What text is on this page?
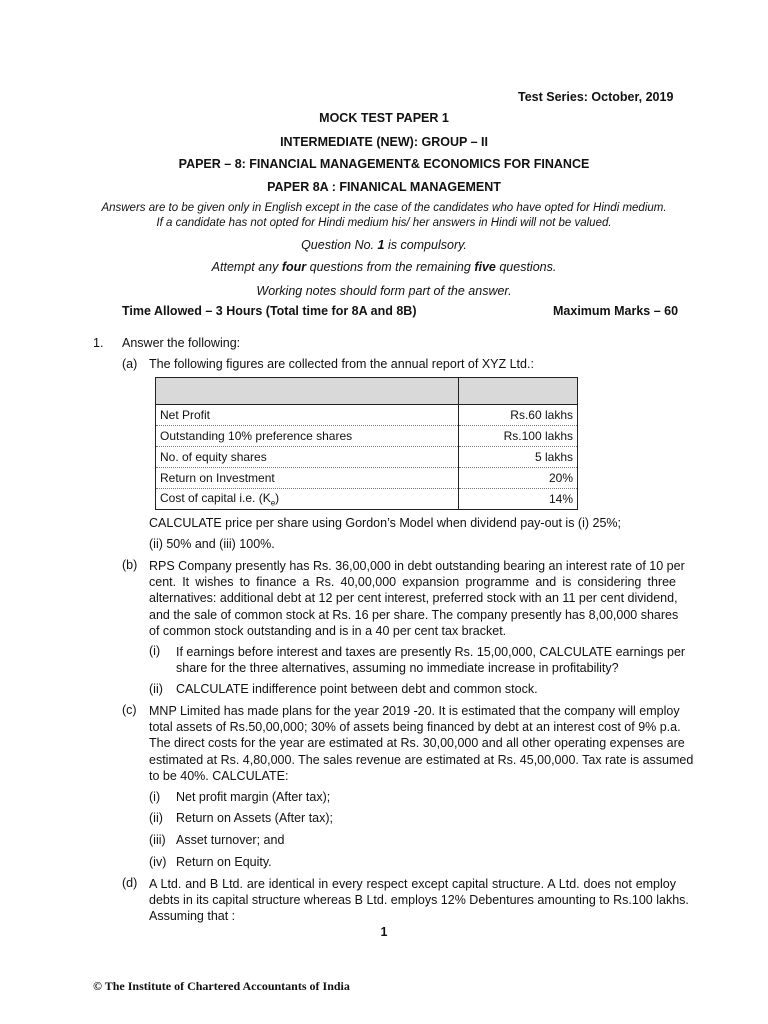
Test Series: October, 2019
MOCK TEST PAPER 1
INTERMEDIATE (NEW): GROUP – II
PAPER – 8: FINANCIAL MANAGEMENT& ECONOMICS FOR FINANCE
PAPER 8A : FINANICAL MANAGEMENT
Answers are to be given only in English except in the case of the candidates who have opted for Hindi medium.
If a candidate has not opted for Hindi medium his/ her answers in Hindi will not be valued.
Question No. 1 is compulsory.
Attempt any four questions from the remaining five questions.
Working notes should form part of the answer.
Time Allowed – 3 Hours (Total time for 8A and 8B)	Maximum Marks – 60
1. Answer the following:
(a) The following figures are collected from the annual report of XYZ Ltd.:

Net Profit	Rs.60 lakhs
Outstanding 10% preference shares	Rs.100 lakhs
No. of equity shares	5 lakhs
Return on Investment	20%
Cost of capital i.e. $(K_e)$	14%
CALCULATE price per share using Gordon’s Model when dividend pay-out is (i) 25%;
(ii) 50% and (iii) 100%.
(b) RPS Company presently has Rs. 36,00,000 in debt outstanding bearing an interest rate of 10 per
cent. It wishes to finance a Rs. 40,00,000 expansion programme and is considering three
alternatives: additional debt at 12 per cent interest, preferred stock with an 11 per cent dividend,
and the sale of common stock at Rs. 16 per share. The company presently has 8,00,000 shares
of common stock outstanding and is in a 40 per cent tax bracket.
(i) If earnings before interest and taxes are presently Rs. 15,00,000, CALCULATE earnings per
share for the three alternatives, assuming no immediate increase in profitability?
(ii) CALCULATE indifference point between debt and common stock.
(c) MNP Limited has made plans for the year 2019 -20. It is estimated that the company will employ
total assets of Rs.50,00,000; 30% of assets being financed by debt at an interest cost of 9% p.a.
The direct costs for the year are estimated at Rs. 30,00,000 and all other operating expenses are
estimated at Rs. 4,80,000. The sales revenue are estimated at Rs. 45,00,000. Tax rate is assumed
to be 40%. CALCULATE:
(i) Net profit margin (After tax);
(ii) Return on Assets (After tax);
(iii) Asset turnover; and
(iv) Return on Equity.
(d) A Ltd. and B Ltd. are identical in every respect except capital structure. A Ltd. does not employ
debts in its capital structure whereas B Ltd. employs 12% Debentures amounting to Rs.100 lakhs.
Assuming that :
1
© The Institute of Chartered Accountants of India
